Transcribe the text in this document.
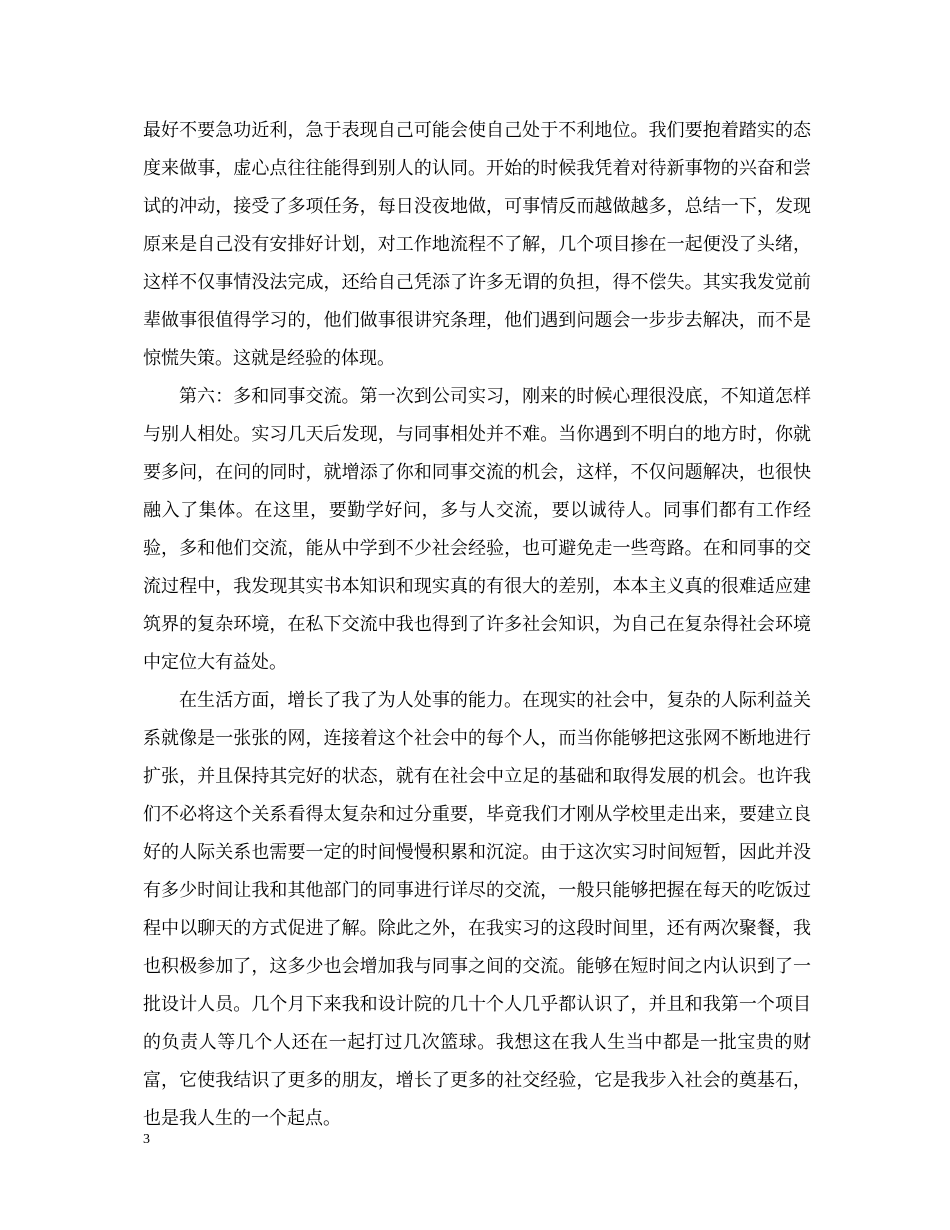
最好不要急功近利，急于表现自己可能会使自己处于不利地位。我们要抱着踏实的态度来做事，虚心点往往能得到别人的认同。开始的时候我凭着对待新事物的兴奋和尝试的冲动，接受了多项任务，每日没夜地做，可事情反而越做越多，总结一下，发现原来是自己没有安排好计划，对工作地流程不了解，几个项目掺在一起便没了头绪，这样不仅事情没法完成，还给自己凭添了许多无谓的负担，得不偿失。其实我发觉前辈做事很值得学习的，他们做事很讲究条理，他们遇到问题会一步步去解决，而不是惊慌失策。这就是经验的体现。

第六：多和同事交流。第一次到公司实习，刚来的时候心理很没底，不知道怎样与别人相处。实习几天后发现，与同事相处并不难。当你遇到不明白的地方时，你就要多问，在问的同时，就增添了你和同事交流的机会，这样，不仅问题解决，也很快融入了集体。在这里，要勤学好问，多与人交流，要以诚待人。同事们都有工作经验，多和他们交流，能从中学到不少社会经验，也可避免走一些弯路。在和同事的交流过程中，我发现其实书本知识和现实真的有很大的差别，本本主义真的很难适应建筑界的复杂环境，在私下交流中我也得到了许多社会知识，为自己在复杂得社会环境中定位大有益处。

在生活方面，增长了我了为人处事的能力。在现实的社会中，复杂的人际利益关系就像是一张张的网，连接着这个社会中的每个人，而当你能够把这张网不断地进行扩张，并且保持其完好的状态，就有在社会中立足的基础和取得发展的机会。也许我们不必将这个关系看得太复杂和过分重要，毕竟我们才刚从学校里走出来，要建立良好的人际关系也需要一定的时间慢慢积累和沉淀。由于这次实习时间短暂，因此并没有多少时间让我和其他部门的同事进行详尽的交流，一般只能够把握在每天的吃饭过程中以聊天的方式促进了解。除此之外，在我实习的这段时间里，还有两次聚餐，我也积极参加了，这多少也会增加我与同事之间的交流。能够在短时间之内认识到了一批设计人员。几个月下来我和设计院的几十个人几乎都认识了，并且和我第一个项目的负责人等几个人还在一起打过几次篮球。我想这在我人生当中都是一批宝贵的财富，它使我结识了更多的朋友，增长了更多的社交经验，它是我步入社会的奠基石，也是我人生的一个起点。

3
